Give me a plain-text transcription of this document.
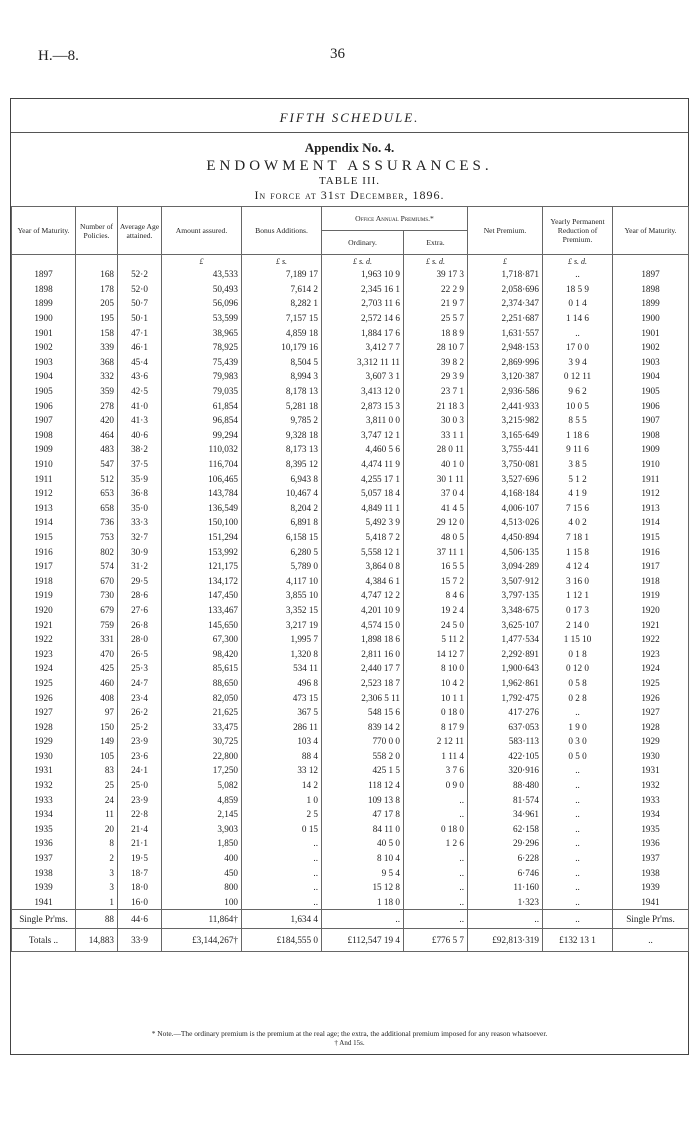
H.—8.	36
FIFTH SCHEDULE.
Appendix No. 4.
ENDOWMENT ASSURANCES.
TABLE III.
In force at 31st December, 1896.
Year of Maturity.	Number of Policies.	Average Age attained.	Amount assured.	Bonus Additions.	Office Annual Premiums.*		Net Premium.	Yearly Permanent Reduction of Premium.	Year of Maturity.
					Ordinary.	Extra.			
			£	£ s.	£ s. d.	£ s. d.	£	£ s. d.	
1897	168	52·2	43,533	7,189 17	1,963 10 9	39 17 3	1,718·871	..	1897
1898	178	52·0	50,493	7,614 2	2,345 16 1	22 2 9	2,058·696	18 5 9	1898
1899	205	50·7	56,096	8,282 1	2,703 11 6	21 9 7	2,374·347	0 1 4	1899
1900	195	50·1	53,599	7,157 15	2,572 14 6	25 5 7	2,251·687	1 14 6	1900
1901	158	47·1	38,965	4,859 18	1,884 17 6	18 8 9	1,631·557	..	1901
1902	339	46·1	78,925	10,179 16	3,412 7 7	28 10 7	2,948·153	17 0 0	1902
1903	368	45·4	75,439	8,504 5	3,312 11 11	39 8 2	2,869·996	3 9 4	1903
1904	332	43·6	79,983	8,994 3	3,607 3 1	29 3 9	3,120·387	0 12 11	1904
1905	359	42·5	79,035	8,178 13	3,413 12 0	23 7 1	2,936·586	9 6 2	1905
1906	278	41·0	61,854	5,281 18	2,873 15 3	21 18 3	2,441·933	10 0 5	1906
1907	420	41·3	96,854	9,785 2	3,811 0 0	30 0 3	3,215·982	8 5 5	1907
1908	464	40·6	99,294	9,328 18	3,747 12 1	33 1 1	3,165·649	1 18 6	1908
1909	483	38·2	110,032	8,173 13	4,460 5 6	28 0 11	3,755·441	9 11 6	1909
1910	547	37·5	116,704	8,395 12	4,474 11 9	40 1 0	3,750·081	3 8 5	1910
1911	512	35·9	106,465	6,943 8	4,255 17 1	30 1 11	3,527·696	5 1 2	1911
1912	653	36·8	143,784	10,467 4	5,057 18 4	37 0 4	4,168·184	4 1 9	1912
1913	658	35·0	136,549	8,204 2	4,849 11 1	41 4 5	4,006·107	7 15 6	1913
1914	736	33·3	150,100	6,891 8	5,492 3 9	29 12 0	4,513·026	4 0 2	1914
1915	753	32·7	151,294	6,158 15	5,418 7 2	48 0 5	4,450·894	7 18 1	1915
1916	802	30·9	153,992	6,280 5	5,558 12 1	37 11 1	4,506·135	1 15 8	1916
1917	574	31·2	121,175	5,789 0	3,864 0 8	16 5 5	3,094·289	4 12 4	1917
1918	670	29·5	134,172	4,117 10	4,384 6 1	15 7 2	3,507·912	3 16 0	1918
1919	730	28·6	147,450	3,855 10	4,747 12 2	8 4 6	3,797·135	1 12 1	1919
1920	679	27·6	133,467	3,352 15	4,201 10 9	19 2 4	3,348·675	0 17 3	1920
1921	759	26·8	145,650	3,217 19	4,574 15 0	24 5 0	3,625·107	2 14 0	1921
1922	331	28·0	67,300	1,995 7	1,898 18 6	5 11 2	1,477·534	1 15 10	1922
1923	470	26·5	98,420	1,320 8	2,811 16 0	14 12 7	2,292·891	0 1 8	1923
1924	425	25·3	85,615	534 11	2,440 17 7	8 10 0	1,900·643	0 12 0	1924
1925	460	24·7	88,650	496 8	2,523 18 7	10 4 2	1,962·861	0 5 8	1925
1926	408	23·4	82,050	473 15	2,306 5 11	10 1 1	1,792·475	0 2 8	1926
1927	97	26·2	21,625	367 5	548 15 6	0 18 0	417·276	..	1927
1928	150	25·2	33,475	286 11	839 14 2	8 17 9	637·053	1 9 0	1928
1929	149	23·9	30,725	103 4	770 0 0	2 12 11	583·113	0 3 0	1929
1930	105	23·6	22,800	88 4	558 2 0	1 11 4	422·105	0 5 0	1930
1931	83	24·1	17,250	33 12	425 1 5	3 7 6	320·916	..	1931
1932	25	25·0	5,082	14 2	118 12 4	0 9 0	88·480	..	1932
1933	24	23·9	4,859	1 0	109 13 8	..	81·574	..	1933
1934	11	22·8	2,145	2 5	47 17 8	..	34·961	..	1934
1935	20	21·4	3,903	0 15	84 11 0	0 18 0	62·158	..	1935
1936	8	21·1	1,850	..	40 5 0	1 2 6	29·296	..	1936
1937	2	19·5	400	..	8 10 4	..	6·228	..	1937
1938	3	18·7	450	..	9 5 4	..	6·746	..	1938
1939	3	18·0	800	..	15 12 8	..	11·160	..	1939
1941	1	16·0	100	..	1 18 0	..	1·323	..	1941
Single Pr'ms.	88	44·6	11,864†	1,634 4	..	..	..	..	Single Pr'ms.
Totals ..	14,883	33·9	£3,144,267†	£184,555 0	£112,547 19 4	£776 5 7	£92,813·319	£132 13 1	..
* Note.—The ordinary premium is the premium at the real age; the extra, the additional premium imposed for any reason whatsoever.
† And 15s.
